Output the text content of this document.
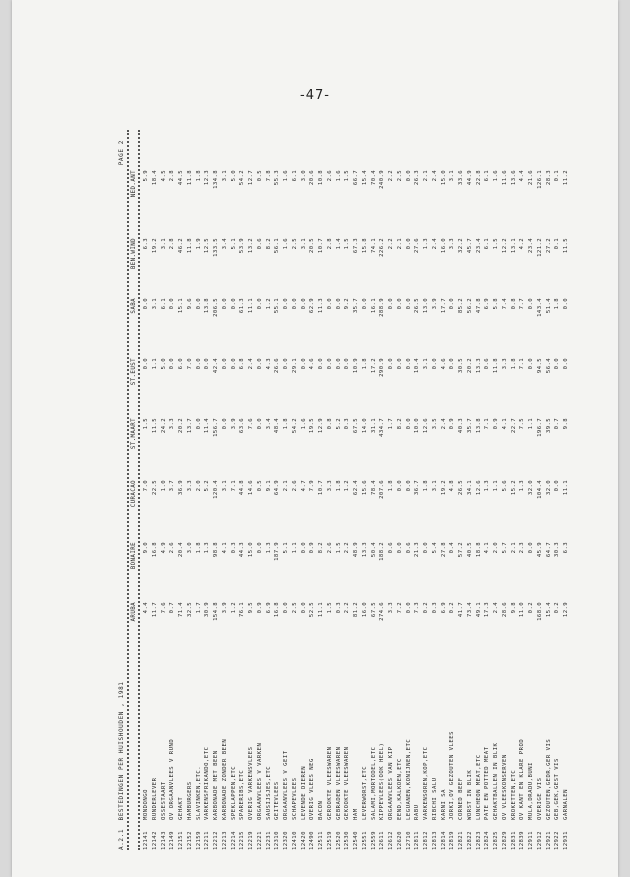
-47-
A.2.1  BESTEDINGEN PER HUISHOUDEN , 1981
PAGE 2
ARUBA
BONAIRE
CURACAO
ST.MAART
ST.EUST
SABA
BEN.WIND
NED.ANT
12141
MONDONGO
4.4
9.0
7.0
1.5
0.0
0.0
6.3
5.9
12142
RUNDERLEVER
11.7
16.8
22.5
11.5
1.1
3.1
19.2
18.4
12143
OSSESTAART
7.6
4.9
1.0
24.2
5.0
6.1
3.1
4.5
12149
OV ORGAANVLEES V RUND
0.7
2.6
3.7
3.3
0.0
0.0
2.8
2.8
12151
GEHAKT
71.4
20.4
36.9
20.2
6.0
15.1
46.2
44.5
12152
HAMBURGERS
32.5
3.0
3.3
13.7
7.0
9.6
11.8
11.8
12159
SLAVINKEN,ETC.
1.7
1.8
2.0
0.0
0.0
0.0
1.9
1.8
12211
VARKENSFRIKANDO,ETC
30.9
1.3
5.2
11.4
0.0
13.8
12.5
12.3
12212
KARBONADE MET BEEN
154.8
98.8
120.4
156.7
42.4
206.5
133.5
134.8
12213
KARBONADE ZONDER BEEN
3.9
4.1
3.1
0.0
0.0
0.0
3.4
3.1
12214
SPEKLAPPEN,ETC
1.2
0.3
7.1
3.9
0.0
0.0
5.1
5.0
12215
SPARERIBS,ETC
76.1
44.3
44.8
63.6
6.8
61.3
53.9
54.2
12219
OVERIG VARKENSVLEES
9.5
15.0
14.6
7.6
2.4
11.1
13.2
12.7
12221
ORGAANVLEES V VARKEN
0.9
0.0
0.5
0.0
0.0
0.0
0.6
0.5
12231
SAUSIJSJES,ETC
6.9
1.3
9.1
3.4
4.3
1.2
8.2
7.8
12310
GEITEVLEES
16.8
187.9
64.9
48.4
26.6
55.1
56.1
55.3
12320
ORGAANVLEES V GEIT
0.0
5.1
2.1
1.8
0.0
0.0
1.6
1.6
12410
SCHAPEVLEES
2.5
1.1
2.6
54.2
29.1
0.0
2.5
6.1
12420
LEVENDE DIEREN
0.0
0.0
4.7
1.6
0.0
0.0
3.1
3.0
12490
OVERIG VLEES NEG
52.5
0.9
7.9
19.5
4.6
62.9
20.5
20.6
12511
BACON
11.1
8.2
10.7
12.9
0.0
11.3
10.7
10.8
12519
GEROOKTE VLEESWAREN
1.5
2.6
3.3
0.8
0.0
0.0
2.8
2.6
12520
GEBRADEN VLEESWAREN
0.3
1.5
1.8
5.2
0.0
0.0
1.4
1.6
12530
GEKOOKTE VLEESWAREN
2.2
2.2
1.2
0.3
0.0
9.2
1.5
1.5
12540
HAM
81.2
48.9
62.4
67.5
10.9
35.7
67.3
66.7
12551
LEVERWORST,ETC
16.0
13.3
15.6
14.0
1.8
0.0
15.8
15.4
12559
SALAMI,MORTODEL,ETC
67.5
50.4
78.4
31.1
17.2
16.1
74.1
70.4
12611
KIPPEVLEES(OOK HEEL)
274.6
188.2
207.6
434.7
290.9
288.9
226.2
240.9
12612
ORGAANVLEES VAN KIP
3.3
0.6
1.8
1.7
0.0
0.0
2.2
2.2
12620
EEND,KALKOEN,ETC
7.2
0.0
0.0
8.2
0.0
0.0
2.1
2.5
12710
LEGUANEN,KONIJNEN,ETC
0.0
0.6
0.0
0.0
0.0
0.0
0.0
0.0
12811
RABU
7.3
21.3
36.7
10.0
10.4
26.5
27.6
26.3
12812
VARKENSOREN,KOP,ETC
0.2
0.0
1.8
12.6
3.1
13.0
1.3
2.1
12813
RIBCHI SALU
0.3
5.4
3.1
3.5
0.0
3.9
2.4
2.4
12814
KARNI SA
6.9
27.8
19.2
2.4
4.6
17.7
16.0
15.0
12819
JORKI,OV GEZOUTEN VLEES
0.2
0.4
4.8
0.9
0.0
0.0
3.3
3.1
12821
CORNED BEEF
41.7
57.2
26.5
40.3
30.5
85.2
32.2
33.6
12822
WORST IN BLIK
73.4
40.5
34.1
35.7
20.2
56.2
45.7
44.9
12823
LUNCHEON MEAT,ETC
49.1
18.8
12.6
13.8
13.3
47.8
23.4
22.8
12824
PATE EN POTTED MEAT
17.3
4.1
1.3
7.1
0.6
6.9
6.1
6.1
12825
GEHAKTBALLEN IN BLIK
2.4
2.0
1.1
0.9
11.8
5.8
1.5
1.6
12829
OV VLEESKONSERVEN
28.6
5.7
5.6
4.1
3.3
7.4
12.2
11.6
12831
KROKETTEN,ETC
9.8
2.1
15.2
22.7
1.8
0.8
13.1
13.6
12839
OV KANT EN KLARE PROD
11.0
2.3
1.3
7.5
7.1
7.7
4.2
4.4
12911
MULA,DRADU,BUNI
0.2
0.0
32.0
1.1
0.0
0.0
23.4
21.6
12912
OVERIGE VIS
168.0
45.9
104.4
196.7
94.5
143.4
121.2
126.1
12921
GEZOUTEN,GEDR,GER VIS
15.4
64.7
32.0
39.5
56.4
51.4
27.2
28.3
12922
GEB,GEK,GEST VIS
0.2
30.3
0.0
0.7
0.0
1.8
0.1
0.1
12931
GARNALEN
12.9
6.3
11.1
9.8
0.0
0.0
11.5
11.2
